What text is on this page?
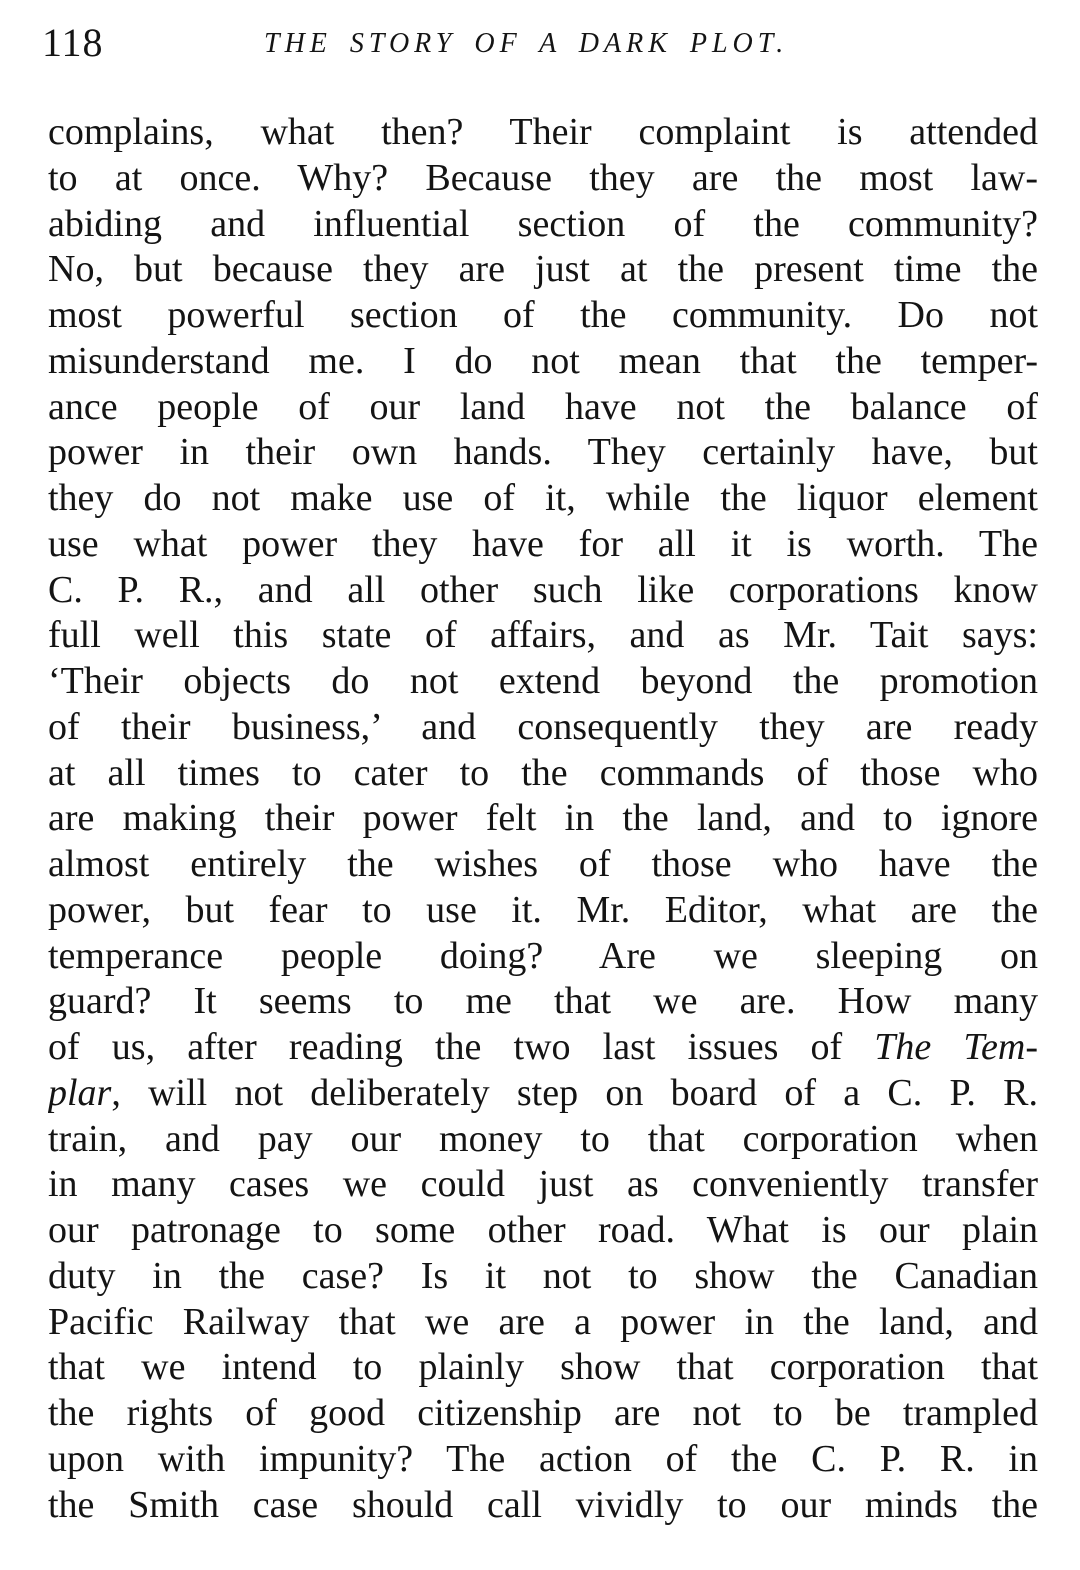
118	THE STORY OF A DARK PLOT.
complains, what then? Their complaint is attended
to at once. Why? Because they are the most law-
abiding and influential section of the community?
No, but because they are just at the present time the
most powerful section of the community. Do not
misunderstand me. I do not mean that the temper-
ance people of our land have not the balance of
power in their own hands. They certainly have, but
they do not make use of it, while the liquor element
use what power they have for all it is worth. The
C. P. R., and all other such like corporations know
full well this state of affairs, and as Mr. Tait says:
‘Their objects do not extend beyond the promotion
of their business,’ and consequently they are ready
at all times to cater to the commands of those who
are making their power felt in the land, and to ignore
almost entirely the wishes of those who have the
power, but fear to use it. Mr. Editor, what are the
temperance people doing? Are we sleeping on
guard? It seems to me that we are. How many
of us, after reading the two last issues of The Tem-
plar, will not deliberately step on board of a C. P. R.
train, and pay our money to that corporation when
in many cases we could just as conveniently transfer
our patronage to some other road. What is our plain
duty in the case? Is it not to show the Canadian
Pacific Railway that we are a power in the land, and
that we intend to plainly show that corporation that
the rights of good citizenship are not to be trampled
upon with impunity? The action of the C. P. R. in
the Smith case should call vividly to our minds the
